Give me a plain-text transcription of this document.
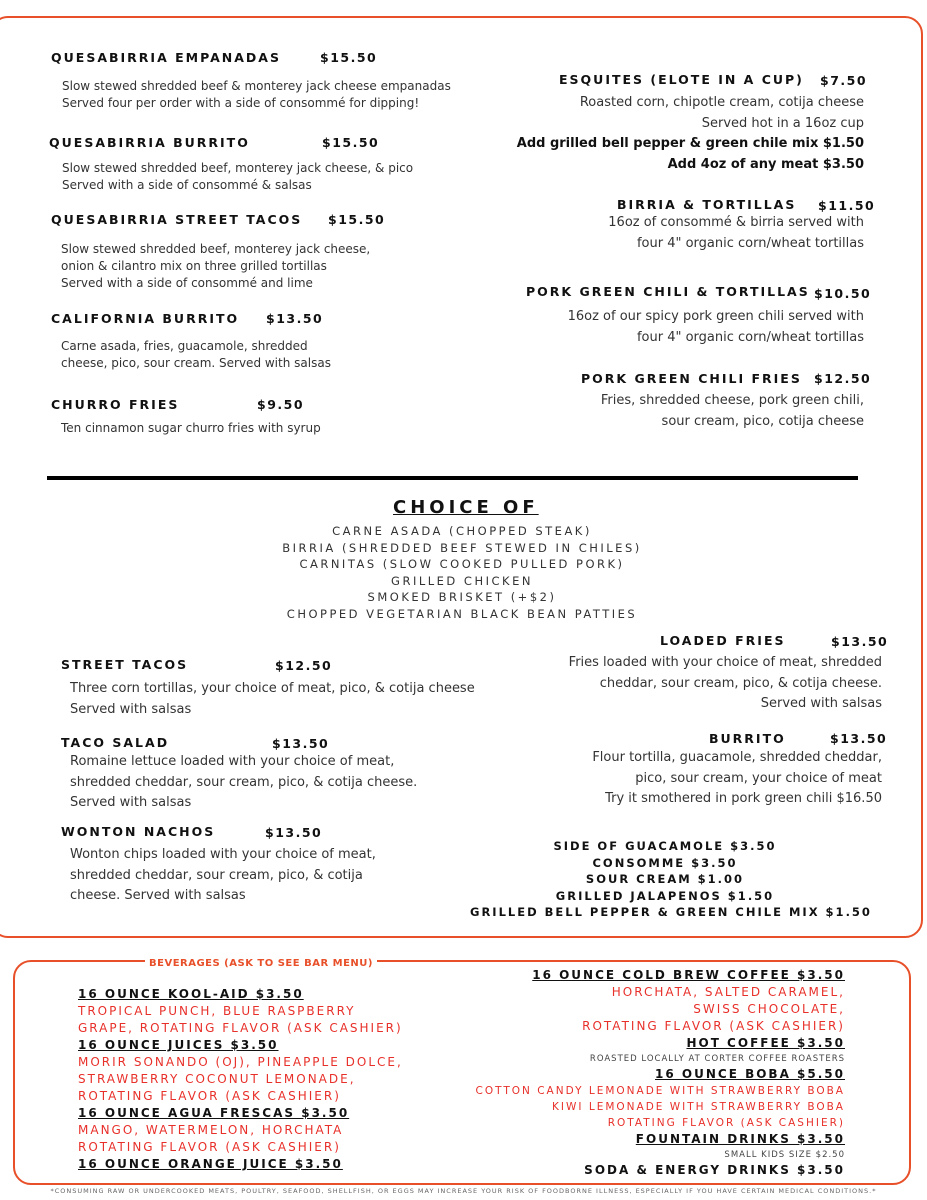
QUESABIRRIA EMPANADAS	$15.50
Slow stewed shredded beef & monterey jack cheese empanadas
Served four per order with a side of consommé for dipping!
QUESABIRRIA BURRITO	$15.50
Slow stewed shredded beef, monterey jack cheese, & pico
Served with a side of consommé & salsas
QUESABIRRIA STREET TACOS $15.50
Slow stewed shredded beef, monterey jack cheese,
onion & cilantro mix on three grilled tortillas
Served with a side of consommé and lime
CALIFORNIA BURRITO $13.50
Carne asada, fries, guacamole, shredded
cheese, pico, sour cream. Served with salsas
CHURRO FRIES	$9.50
Ten cinnamon sugar churro fries with syrup
ESQUITES (ELOTE IN A CUP) $7.50
Roasted corn, chipotle cream, cotija cheese
Served hot in a 16oz cup
Add grilled bell pepper & green chile mix $1.50
Add 4oz of any meat $3.50
BIRRIA & TORTILLAS $11.50
16oz of consommé & birria served with
four 4" organic corn/wheat tortillas
PORK GREEN CHILI & TORTILLAS $10.50
16oz of our spicy pork green chili served with
four 4" organic corn/wheat tortillas
PORK GREEN CHILI FRIES $12.50
Fries, shredded cheese, pork green chili,
sour cream, pico, cotija cheese
CHOICE OF
CARNE ASADA (CHOPPED STEAK)
BIRRIA (SHREDDED BEEF STEWED IN CHILES)
CARNITAS (SLOW COOKED PULLED PORK)
GRILLED CHICKEN
SMOKED BRISKET (+$2)
CHOPPED VEGETARIAN BLACK BEAN PATTIES
STREET TACOS	$12.50
Three corn tortillas, your choice of meat, pico, & cotija cheese
Served with salsas
TACO SALAD	$13.50
Romaine lettuce loaded with your choice of meat,
shredded cheddar, sour cream, pico, & cotija cheese.
Served with salsas
WONTON NACHOS	$13.50
Wonton chips loaded with your choice of meat,
shredded cheddar, sour cream, pico, & cotija
cheese. Served with salsas
LOADED FRIES	$13.50
Fries loaded with your choice of meat, shredded
cheddar, sour cream, pico, & cotija cheese.
Served with salsas
BURRITO	$13.50
Flour tortilla, guacamole, shredded cheddar,
pico, sour cream, your choice of meat
Try it smothered in pork green chili $16.50
SIDE OF GUACAMOLE $3.50
CONSOMME $3.50
SOUR CREAM $1.00
GRILLED JALAPENOS $1.50
GRILLED BELL PEPPER & GREEN CHILE MIX $1.50
BEVERAGES (ASK TO SEE BAR MENU)
16 OUNCE KOOL-AID $3.50
TROPICAL PUNCH, BLUE RASPBERRY
GRAPE, ROTATING FLAVOR (ASK CASHIER)
16 OUNCE JUICES $3.50
MORIR SONANDO (OJ), PINEAPPLE DOLCE,
STRAWBERRY COCONUT LEMONADE,
ROTATING FLAVOR (ASK CASHIER)
16 OUNCE AGUA FRESCAS $3.50
MANGO, WATERMELON, HORCHATA
ROTATING FLAVOR (ASK CASHIER)
16 OUNCE ORANGE JUICE $3.50
16 OUNCE COLD BREW COFFEE $3.50
HORCHATA, SALTED CARAMEL,
SWISS CHOCOLATE,
ROTATING FLAVOR (ASK CASHIER)
HOT COFFEE $3.50
ROASTED LOCALLY AT CORTER COFFEE ROASTERS
16 OUNCE BOBA $5.50
COTTON CANDY LEMONADE WITH STRAWBERRY BOBA
KIWI LEMONADE WITH STRAWBERRY BOBA
ROTATING FLAVOR (ASK CASHIER)
FOUNTAIN DRINKS $3.50
SMALL KIDS SIZE $2.50
SODA & ENERGY DRINKS $3.50
*CONSUMING RAW OR UNDERCOOKED MEATS, POULTRY, SEAFOOD, SHELLFISH, OR EGGS MAY INCREASE YOUR RISK OF FOODBORNE ILLNESS, ESPECIALLY IF YOU HAVE CERTAIN MEDICAL CONDITIONS.*
